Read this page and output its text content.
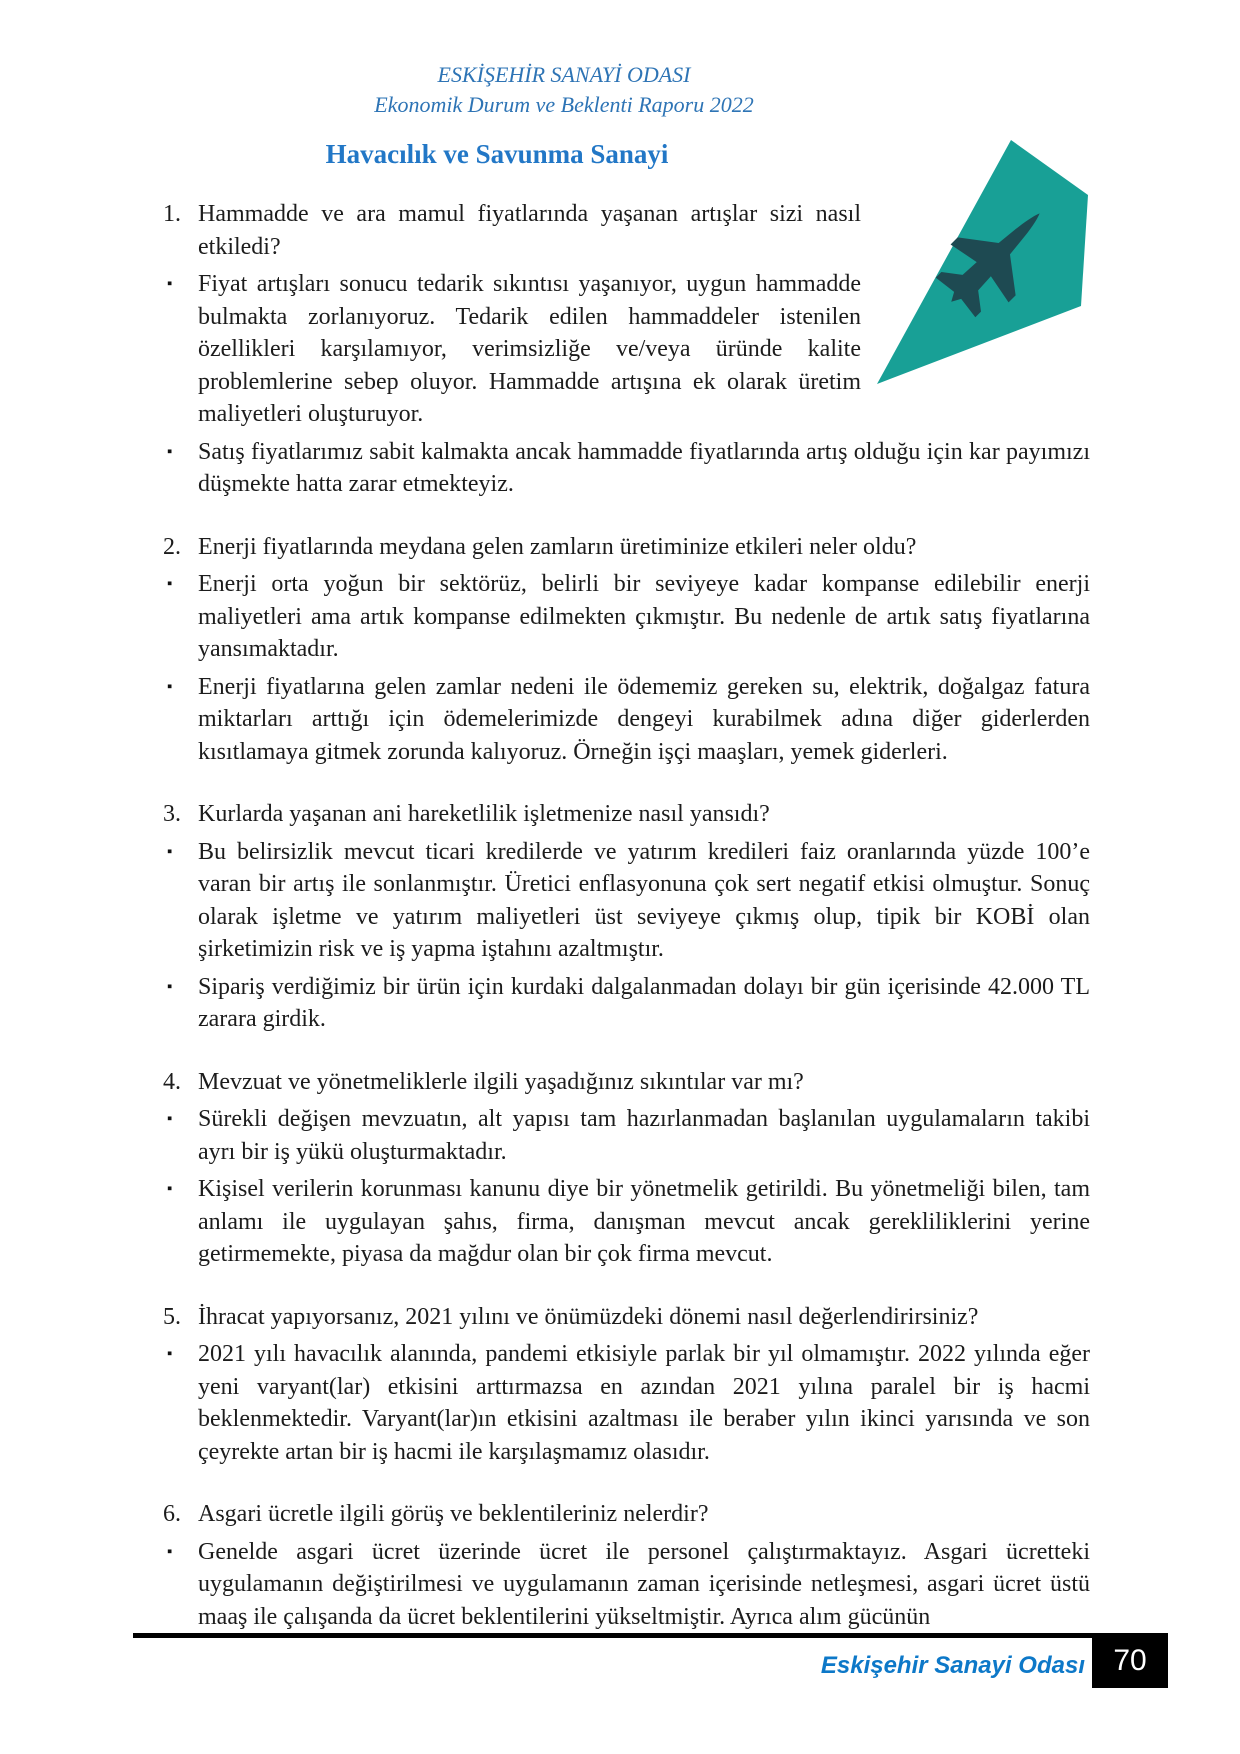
ESKİŞEHİR SANAYİ ODASI
Ekonomik Durum ve Beklenti Raporu 2022
Havacılık ve Savunma Sanayi
1. Hammadde ve ara mamul fiyatlarında yaşanan artışlar sizi nasıl etkiledi?

▪	Fiyat artışları sonucu tedarik sıkıntısı yaşanıyor, uygun hammadde bulmakta zorlanıyoruz. Tedarik edilen hammaddeler istenilen özellikleri karşılamıyor, verimsizliğe ve/veya üründe kalite problemlerine sebep oluyor. Hammadde artışına ek olarak üretim maliyetleri oluşturuyor.

▪	Satış fiyatlarımız sabit kalmakta ancak hammadde fiyatlarında artış olduğu için kar payımızı düşmekte hatta zarar etmekteyiz.

2. Enerji fiyatlarında meydana gelen zamların üretiminize etkileri neler oldu?

▪	Enerji orta yoğun bir sektörüz, belirli bir seviyeye kadar kompanse edilebilir enerji maliyetleri ama artık kompanse edilmekten çıkmıştır. Bu nedenle de artık satış fiyatlarına yansımaktadır.

▪	Enerji fiyatlarına gelen zamlar nedeni ile ödememiz gereken su, elektrik, doğalgaz fatura miktarları arttığı için ödemelerimizde dengeyi kurabilmek adına diğer giderlerden kısıtlamaya gitmek zorunda kalıyoruz. Örneğin işçi maaşları, yemek giderleri.

3. Kurlarda yaşanan ani hareketlilik işletmenize nasıl yansıdı?

▪	Bu belirsizlik mevcut ticari kredilerde ve yatırım kredileri faiz oranlarında yüzde 100’e varan bir artış ile sonlanmıştır. Üretici enflasyonuna çok sert negatif etkisi olmuştur. Sonuç olarak işletme ve yatırım maliyetleri üst seviyeye çıkmış olup, tipik bir KOBİ olan şirketimizin risk ve iş yapma iştahını azaltmıştır.

▪	Sipariş verdiğimiz bir ürün için kurdaki dalgalanmadan dolayı bir gün içerisinde 42.000 TL zarara girdik.

4. Mevzuat ve yönetmeliklerle ilgili yaşadığınız sıkıntılar var mı?

▪	Sürekli değişen mevzuatın, alt yapısı tam hazırlanmadan başlanılan uygulamaların takibi ayrı bir iş yükü oluşturmaktadır.

▪	Kişisel verilerin korunması kanunu diye bir yönetmelik getirildi. Bu yönetmeliği bilen, tam anlamı ile uygulayan şahıs, firma, danışman mevcut ancak gerekliliklerini yerine getirmemekte, piyasa da mağdur olan bir çok firma mevcut.

5. İhracat yapıyorsanız, 2021 yılını ve önümüzdeki dönemi nasıl değerlendirirsiniz?

▪	2021 yılı havacılık alanında, pandemi etkisiyle parlak bir yıl olmamıştır. 2022 yılında eğer yeni varyant(lar) etkisini arttırmazsa en azından 2021 yılına paralel bir iş hacmi beklenmektedir. Varyant(lar)ın etkisini azaltması ile beraber yılın ikinci yarısında ve son çeyrekte artan bir iş hacmi ile karşılaşmamız olasıdır.

6. Asgari ücretle ilgili görüş ve beklentileriniz nelerdir?

▪	Genelde asgari ücret üzerinde ücret ile personel çalıştırmaktayız. Asgari ücretteki uygulamanın değiştirilmesi ve uygulamanın zaman içerisinde netleşmesi, asgari ücret üstü maaş ile çalışanda da ücret beklentilerini yükseltmiştir. Ayrıca alım gücünün

Eskişehir Sanayi Odası 70
